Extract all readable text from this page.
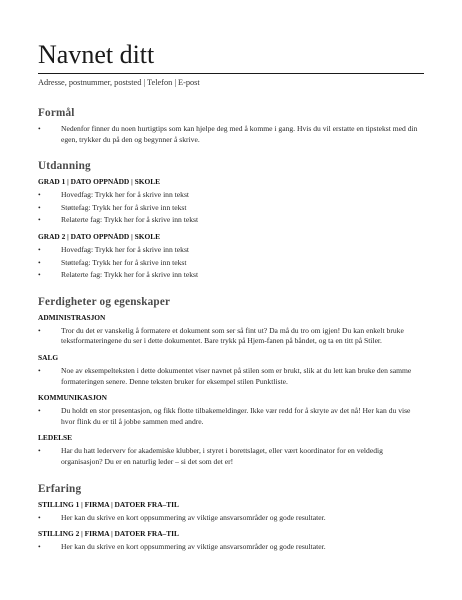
Navnet ditt
Adresse, postnummer, poststed | Telefon | E-post
Formål
•	Nedenfor finner du noen hurtigtips som kan hjelpe deg med å komme i gang. Hvis du vil erstatte en tipstekst med din egen, trykker du på den og begynner å skrive.
Utdanning
GRAD 1 | DATO OPPNÅDD | SKOLE
•	Hovedfag: Trykk her for å skrive inn tekst
•	Støttefag: Trykk her for å skrive inn tekst
•	Relaterte fag: Trykk her for å skrive inn tekst
GRAD 2 | DATO OPPNÅDD | SKOLE
•	Hovedfag: Trykk her for å skrive inn tekst
•	Støttefag: Trykk her for å skrive inn tekst
•	Relaterte fag: Trykk her for å skrive inn tekst
Ferdigheter og egenskaper
ADMINISTRASJON
•	Tror du det er vanskelig å formatere et dokument som ser så fint ut? Da må du tro om igjen! Du kan enkelt bruke tekstformateringene du ser i dette dokumentet. Bare trykk på Hjem-fanen på båndet, og ta en titt på Stiler.
SALG
•	Noe av eksempelteksten i dette dokumentet viser navnet på stilen som er brukt, slik at du lett kan bruke den samme formateringen senere. Denne teksten bruker for eksempel stilen Punktliste.
KOMMUNIKASJON
•	Du holdt en stor presentasjon, og fikk flotte tilbakemeldinger. Ikke vær redd for å skryte av det nå! Her kan du vise hvor flink du er til å jobbe sammen med andre.
LEDELSE
•	Har du hatt lederverv for akademiske klubber, i styret i borettslaget, eller vært koordinator for en veldedig organisasjon? Du er en naturlig leder – si det som det er!
Erfaring
STILLING 1 | FIRMA | DATOER FRA–TIL
•	Her kan du skrive en kort oppsummering av viktige ansvarsområder og gode resultater.
STILLING 2 | FIRMA | DATOER FRA–TIL
•	Her kan du skrive en kort oppsummering av viktige ansvarsområder og gode resultater.
